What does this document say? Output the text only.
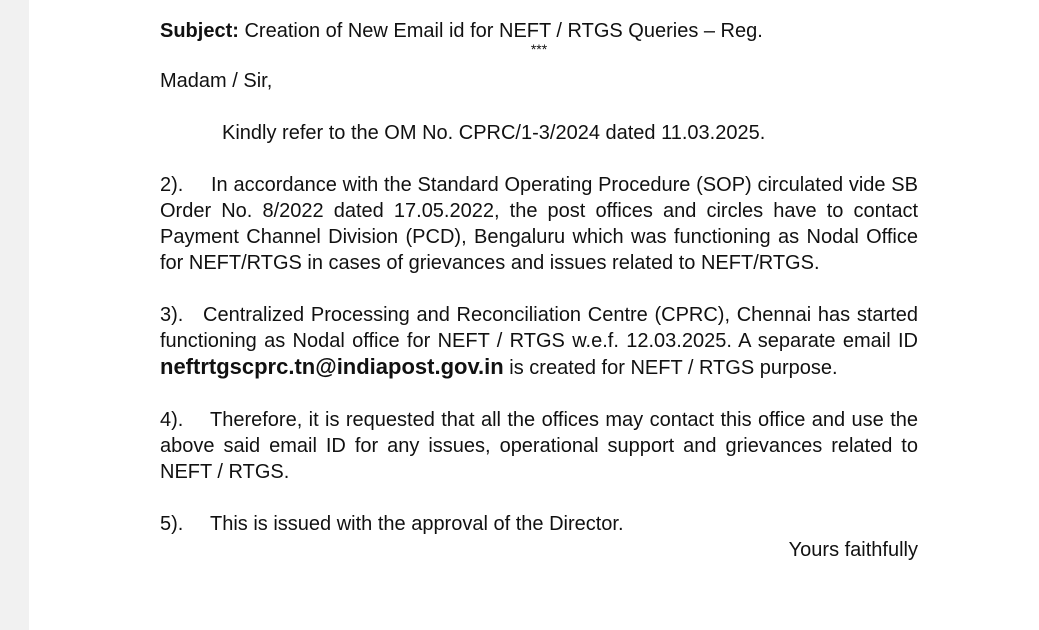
Subject: Creation of New Email id for NEFT / RTGS Queries – Reg.
***
Madam / Sir,
Kindly refer to the OM No. CPRC/1-3/2024 dated 11.03.2025.
2). In accordance with the Standard Operating Procedure (SOP) circulated vide SB Order No. 8/2022 dated 17.05.2022, the post offices and circles have to contact Payment Channel Division (PCD), Bengaluru which was functioning as Nodal Office for NEFT/RTGS in cases of grievances and issues related to NEFT/RTGS.
3). Centralized Processing and Reconciliation Centre (CPRC), Chennai has started functioning as Nodal office for NEFT / RTGS w.e.f. 12.03.2025. A separate email ID neftrtgscprc.tn@indiapost.gov.in is created for NEFT / RTGS purpose.
4). Therefore, it is requested that all the offices may contact this office and use the above said email ID for any issues, operational support and grievances related to NEFT / RTGS.
5). This is issued with the approval of the Director.
Yours faithfully
